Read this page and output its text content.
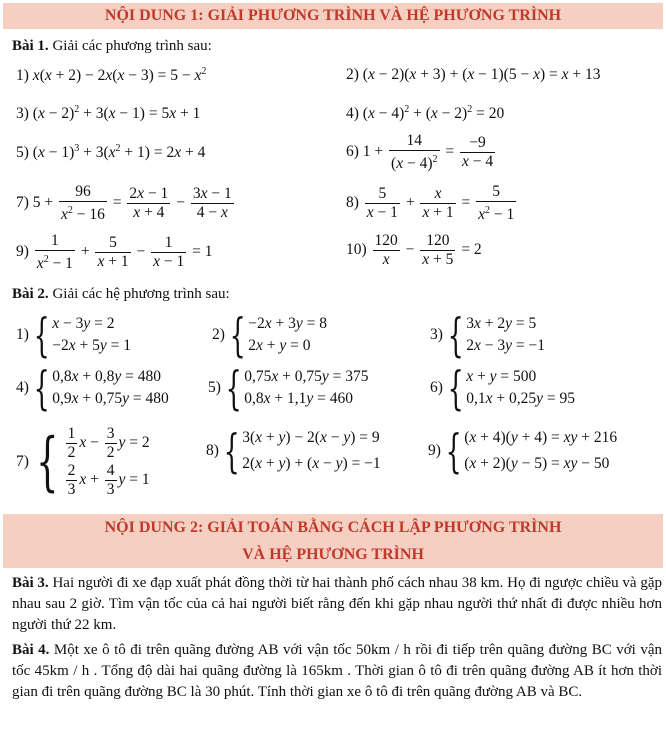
NỘI DUNG 1: GIẢI PHƯƠNG TRÌNH VÀ HỆ PHƯƠNG TRÌNH
Bài 1. Giải các phương trình sau:
1) $x(x + 2) - 2x(x - 3) = 5 - x^2$	2) (x − 2)(x + 3) + (x − 1)(5 − x) = x + 13
3) $(x - 2)^2 + 3(x - 1) = 5x + 1$	4) $(x - 4)^2 + (x - 2)^2 = 20$
5) $(x - 1)^3 + 3(x^2 + 1) = 2x + 4$	6) $1 + \frac{14}{(x - 4)^2} = \frac{-9}{x - 4}$
7) $5 + \frac{96}{x^2 - 16} = \frac{2x - 1}{x + 4} - \frac{3x - 1}{4 - x}$	$8) \frac{5}{x - 1} + \frac{x}{x + 1} = \frac{5}{x^2 - 1}$
$9) \frac{1}{x^2 - 1} + \frac{5}{x + 1} - \frac{1}{x - 1} = 1$	$10) \frac{120}{x} - \frac{120}{x + 5} = 2$
Bài 2. Giải các hệ phương trình sau:
1) { x − 3y = 2
−2x + 5y = 1
2) { −2x + 3y = 8
2x + y = 0
3) { 3x + 2y = 5
2x − 3y = −1
4) { 0,8x + 0,8y = 480
0,9x + 0,75y = 480
5) { 0,75x + 0,75y = 375
0,8x + 1,1y = 460
6) { x + y = 500
0,1x + 0,25y = 95
7) { $\frac{1}{2}$ $x - \frac{3}{2}$ y = 2
$\frac{2}{3}$ $x + \frac{4}{3}$ y = 1
8) { 3(x + y) − 2(x − y) = 9
2(x + y) + (x − y) = −1
9) { (x + 4)(y + 4) = xy + 216
(x + 2)(y − 5) = xy − 50
NỘI DUNG 2: GIẢI TOÁN BẰNG CÁCH LẬP PHƯƠNG TRÌNH
VÀ HỆ PHƯƠNG TRÌNH
Bài 3. Hai người đi xe đạp xuất phát đồng thời từ hai thành phố cách nhau 38 km. Họ đi ngược chiều và gặp nhau sau 2 giờ. Tìm vận tốc của cả hai người biết rằng đến khi gặp nhau người thứ nhất đi được nhiều hơn người thứ 22 km.
Bài 4. Một xe ô tô đi trên quãng đường AB với vận tốc 50km / h rồi đi tiếp trên quãng đường BC với vận tốc 45km / h . Tổng độ dài hai quãng đường là 165km . Thời gian ô tô đi trên quãng đường AB ít hơn thời gian đi trên quãng đường BC là 30 phút. Tính thời gian xe ô tô đi trên quãng đường AB và BC.
